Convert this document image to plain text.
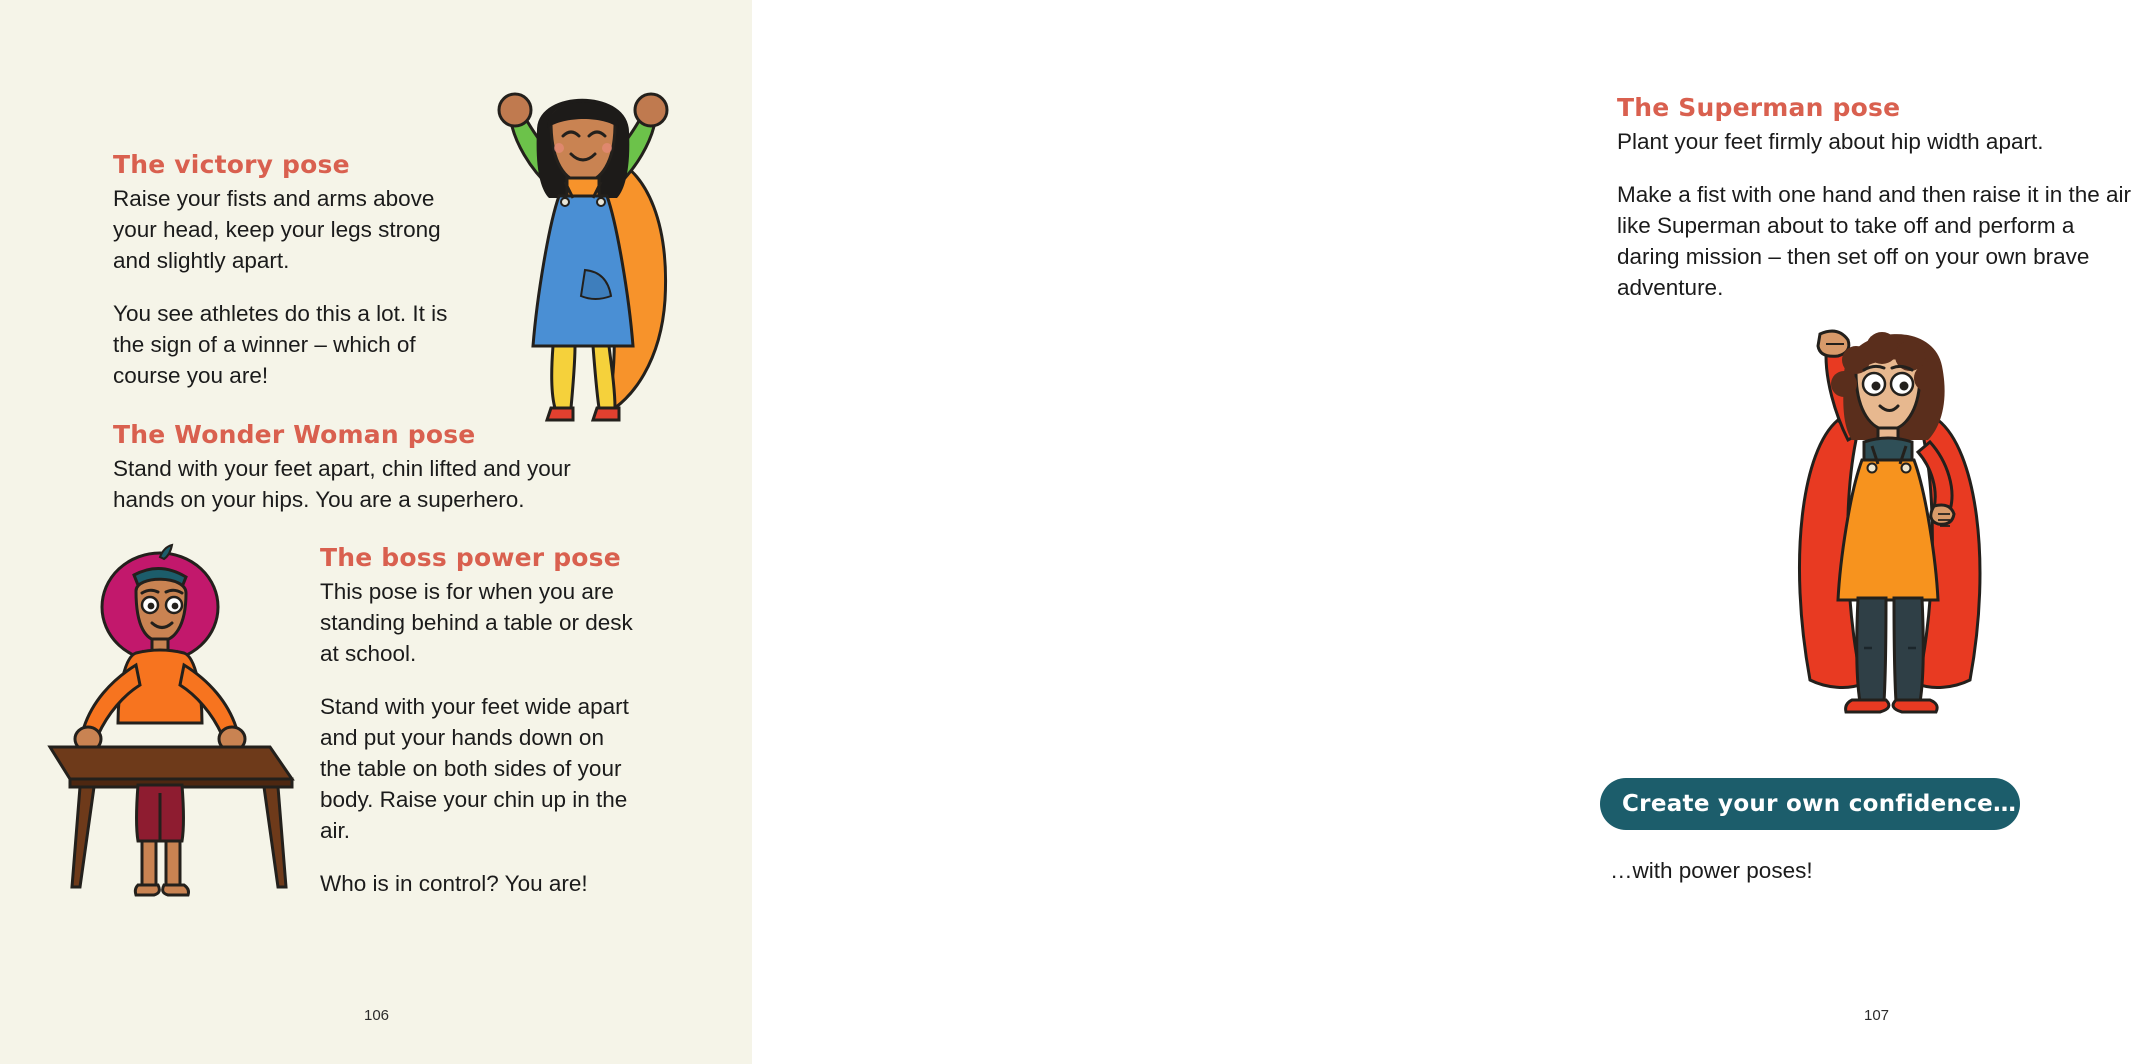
The victory pose

Raise your fists and arms above your head, keep your legs strong and slightly apart.

You see athletes do this a lot. It is the sign of a winner – which of course you are!

The Wonder Woman pose

Stand with your feet apart, chin lifted and your hands on your hips. You are a superhero.

The boss power pose

This pose is for when you are standing behind a table or desk at school.

Stand with your feet wide apart and put your hands down on the table on both sides of your body. Raise your chin up in the air.

Who is in control? You are!

106
The Superman pose

Plant your feet firmly about hip width apart.

Make a fist with one hand and then raise it in the air like Superman about to take off and perform a daring mission – then set off on your own brave adventure.

Create your own confidence…

…with power poses!

107
